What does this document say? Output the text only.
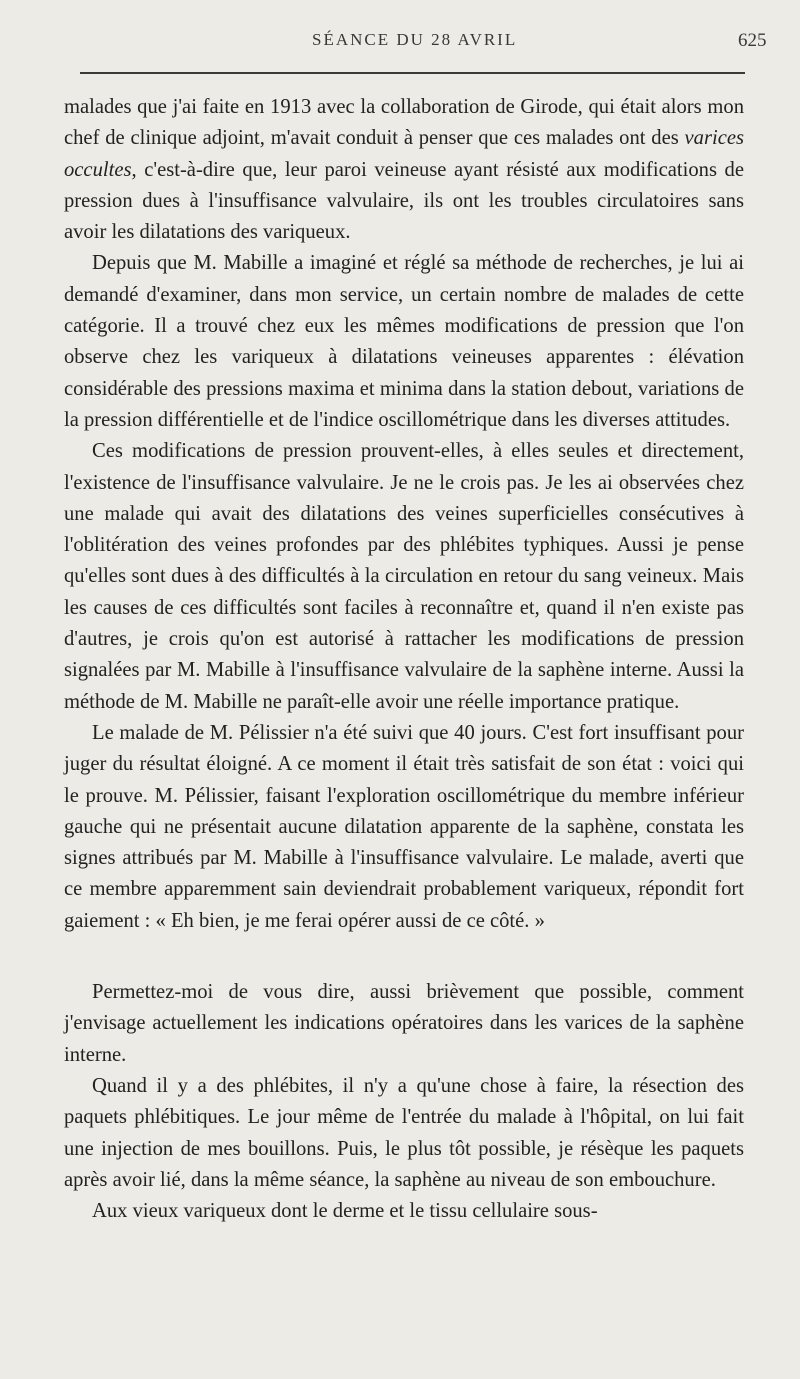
SÉANCE DU 28 AVRIL	625

malades que j'ai faite en 1913 avec la collaboration de Girode, qui était alors mon chef de clinique adjoint, m'avait conduit à penser que ces malades ont des varices occultes, c'est-à-dire que, leur paroi veineuse ayant résisté aux modifications de pression dues à l'insuffisance valvulaire, ils ont les troubles circulatoires sans avoir les dilatations des variqueux.

Depuis que M. Mabille a imaginé et réglé sa méthode de recherches, je lui ai demandé d'examiner, dans mon service, un certain nombre de malades de cette catégorie. Il a trouvé chez eux les mêmes modifications de pression que l'on observe chez les variqueux à dilatations veineuses apparentes : élévation considérable des pressions maxima et minima dans la station debout, variations de la pression différentielle et de l'indice oscillométrique dans les diverses attitudes.

Ces modifications de pression prouvent-elles, à elles seules et directement, l'existence de l'insuffisance valvulaire. Je ne le crois pas. Je les ai observées chez une malade qui avait des dilatations des veines superficielles consécutives à l'oblitération des veines profondes par des phlébites typhiques. Aussi je pense qu'elles sont dues à des difficultés à la circulation en retour du sang veineux. Mais les causes de ces difficultés sont faciles à reconnaître et, quand il n'en existe pas d'autres, je crois qu'on est autorisé à rattacher les modifications de pression signalées par M. Mabille à l'insuffisance valvulaire de la saphène interne. Aussi la méthode de M. Mabille ne paraît-elle avoir une réelle importance pratique.

Le malade de M. Pélissier n'a été suivi que 40 jours. C'est fort insuffisant pour juger du résultat éloigné. A ce moment il était très satisfait de son état : voici qui le prouve. M. Pélissier, faisant l'exploration oscillométrique du membre inférieur gauche qui ne présentait aucune dilatation apparente de la saphène, constata les signes attribués par M. Mabille à l'insuffisance valvulaire. Le malade, averti que ce membre apparemment sain deviendrait probablement variqueux, répondit fort gaiement : « Eh bien, je me ferai opérer aussi de ce côté. »

Permettez-moi de vous dire, aussi brièvement que possible, comment j'envisage actuellement les indications opératoires dans les varices de la saphène interne.

Quand il y a des phlébites, il n'y a qu'une chose à faire, la résection des paquets phlébitiques. Le jour même de l'entrée du malade à l'hôpital, on lui fait une injection de mes bouillons. Puis, le plus tôt possible, je résèque les paquets après avoir lié, dans la même séance, la saphène au niveau de son embouchure.

Aux vieux variqueux dont le derme et le tissu cellulaire sous-
